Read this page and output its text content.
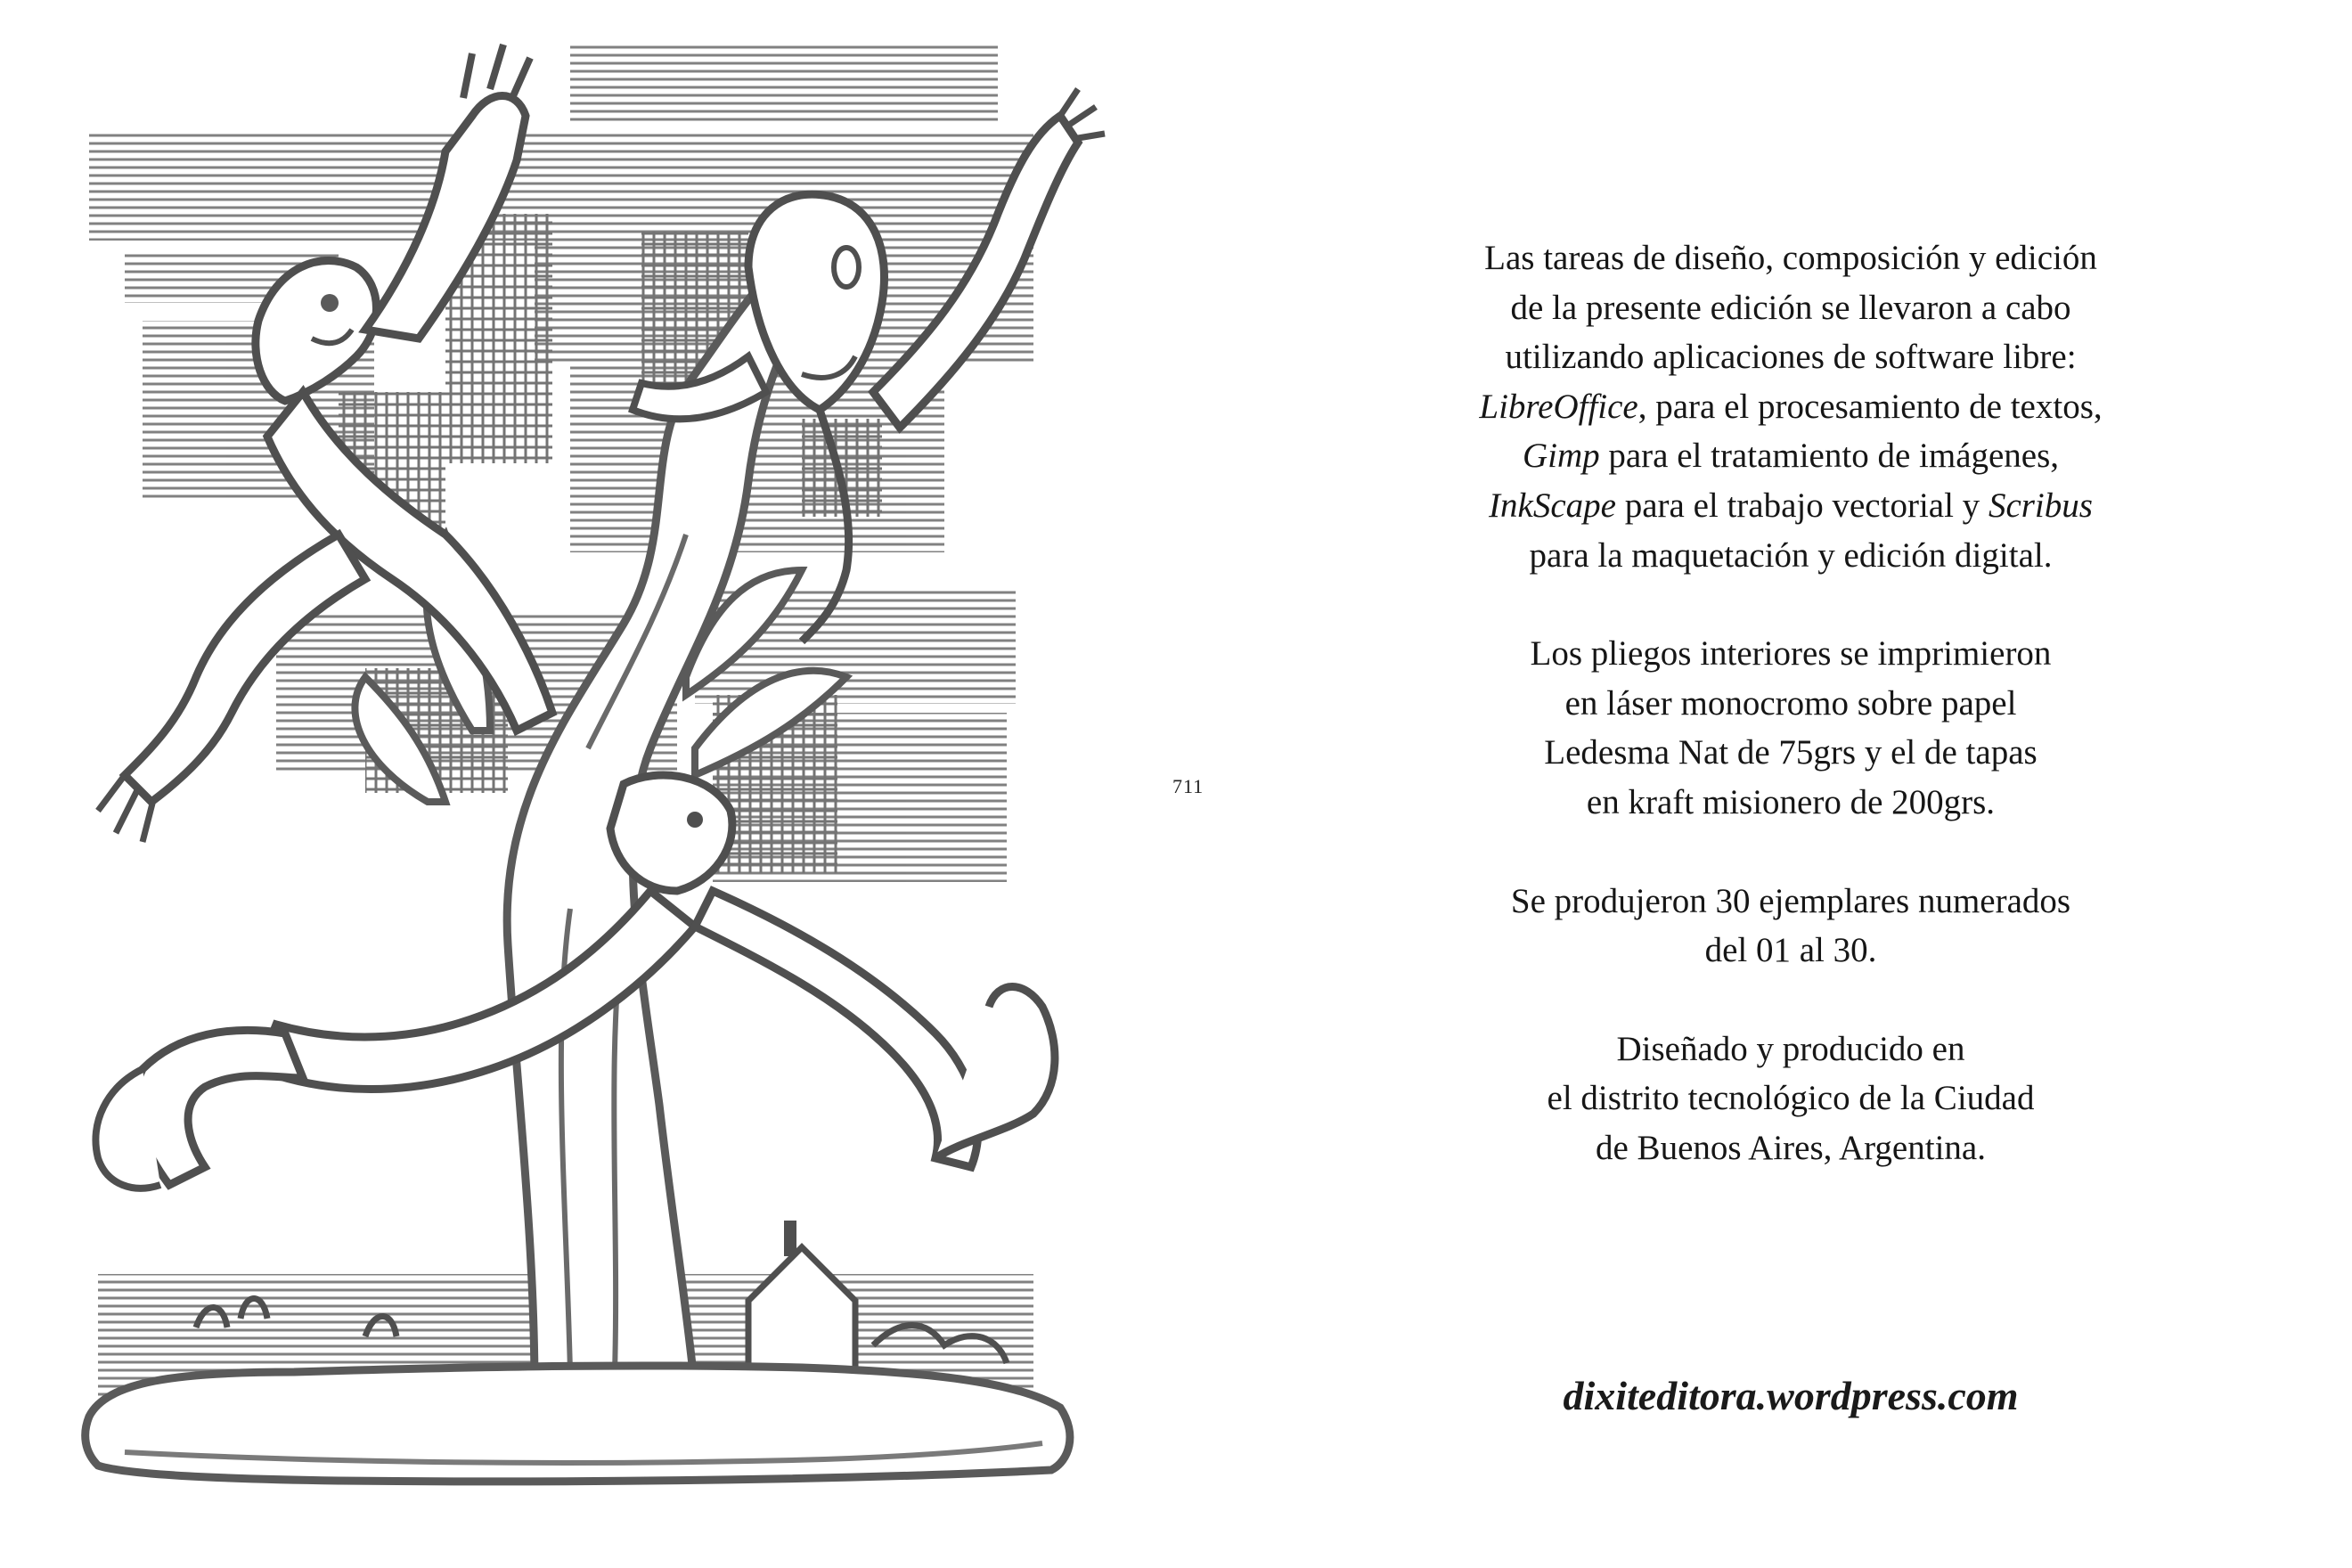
711

Las tareas de diseño, composición y edición

de la presente edición se llevaron a cabo

utilizando aplicaciones de software libre:

LibreOffice, para el procesamiento de textos,

Gimp para el tratamiento de imágenes,

InkScape para el trabajo vectorial y Scribus

para la maquetación y edición digital.

Los pliegos interiores se imprimieron

en láser monocromo sobre papel

Ledesma Nat de 75grs y el de tapas

en kraft misionero de 200grs.

Se produjeron 30 ejemplares numerados

del 01 al 30.

Diseñado y producido en

el distrito tecnológico de la Ciudad

de Buenos Aires, Argentina.

dixiteditora.wordpress.com
